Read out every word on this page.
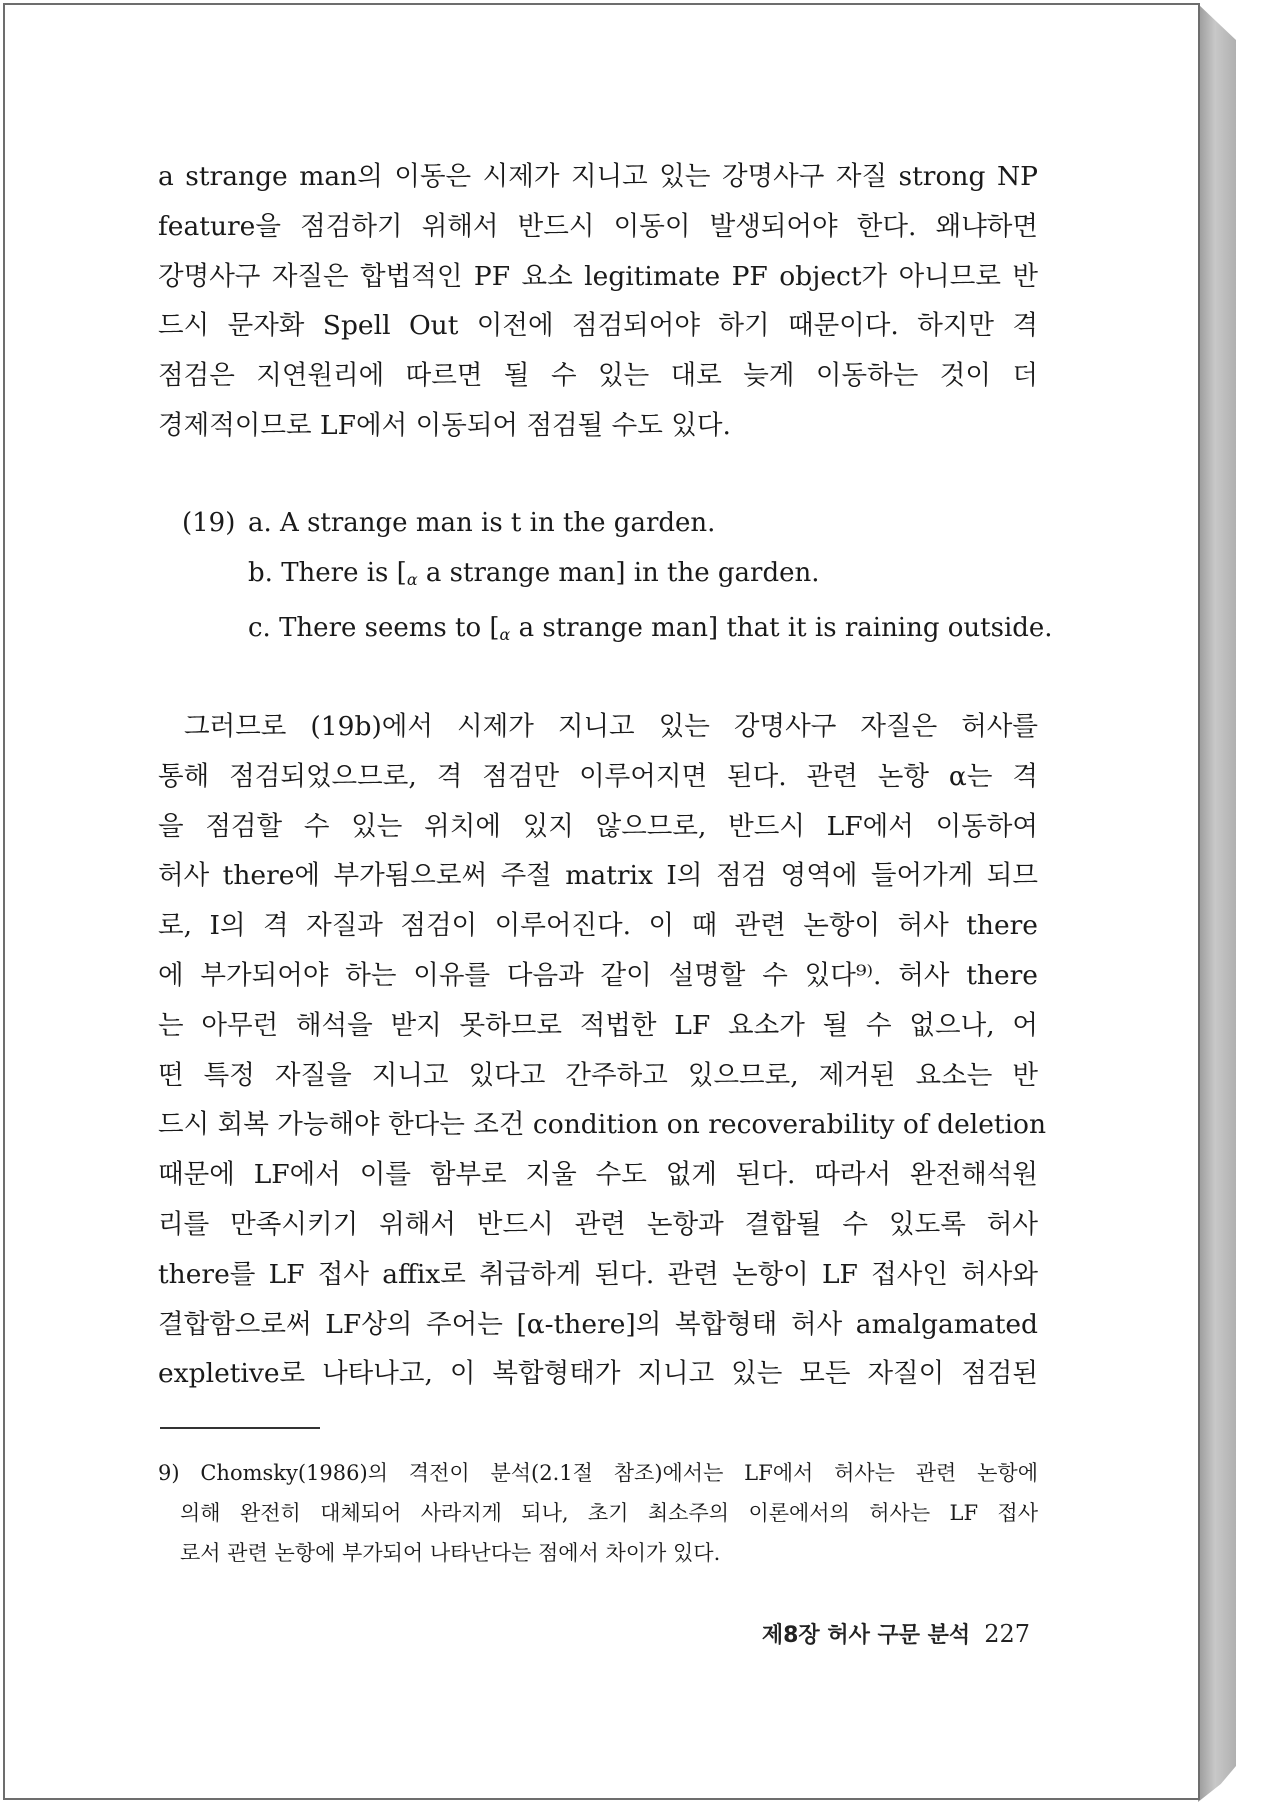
a strange man의 이동은 시제가 지니고 있는 강명사구 자질 strong NP
feature을 점검하기 위해서 반드시 이동이 발생되어야 한다. 왜냐하면
강명사구 자질은 합법적인 PF 요소 legitimate PF object가 아니므로 반
드시 문자화 Spell Out 이전에 점검되어야 하기 때문이다. 하지만 격
점검은 지연원리에 따르면 될 수 있는 대로 늦게 이동하는 것이 더
경제적이므로 LF에서 이동되어 점검될 수도 있다.
(19) a. A strange man is t in the garden.
b. There is [α a strange man] in the garden.
c. There seems to [α a strange man] that it is raining outside.
그러므로 (19b)에서 시제가 지니고 있는 강명사구 자질은 허사를
통해 점검되었으므로, 격 점검만 이루어지면 된다. 관련 논항 α는 격
을 점검할 수 있는 위치에 있지 않으므로, 반드시 LF에서 이동하여
허사 there에 부가됨으로써 주절 matrix I의 점검 영역에 들어가게 되므
로, I의 격 자질과 점검이 이루어진다. 이 때 관련 논항이 허사 there
에 부가되어야 하는 이유를 다음과 같이 설명할 수 있다⁹⁾. 허사 there
는 아무런 해석을 받지 못하므로 적법한 LF 요소가 될 수 없으나, 어
떤 특정 자질을 지니고 있다고 간주하고 있으므로, 제거된 요소는 반
드시 회복 가능해야 한다는 조건 condition on recoverability of deletion
때문에 LF에서 이를 함부로 지울 수도 없게 된다. 따라서 완전해석원
리를 만족시키기 위해서 반드시 관련 논항과 결합될 수 있도록 허사
there를 LF 접사 affix로 취급하게 된다. 관련 논항이 LF 접사인 허사와
결합함으로써 LF상의 주어는 [α-there]의 복합형태 허사 amalgamated
expletive로 나타나고, 이 복합형태가 지니고 있는 모든 자질이 점검된
9) Chomsky(1986)의 격전이 분석(2.1절 참조)에서는 LF에서 허사는 관련 논항에
의해 완전히 대체되어 사라지게 되나, 초기 최소주의 이론에서의 허사는 LF 접사
로서 관련 논항에 부가되어 나타난다는 점에서 차이가 있다.
제8장 허사 구문 분석 227
